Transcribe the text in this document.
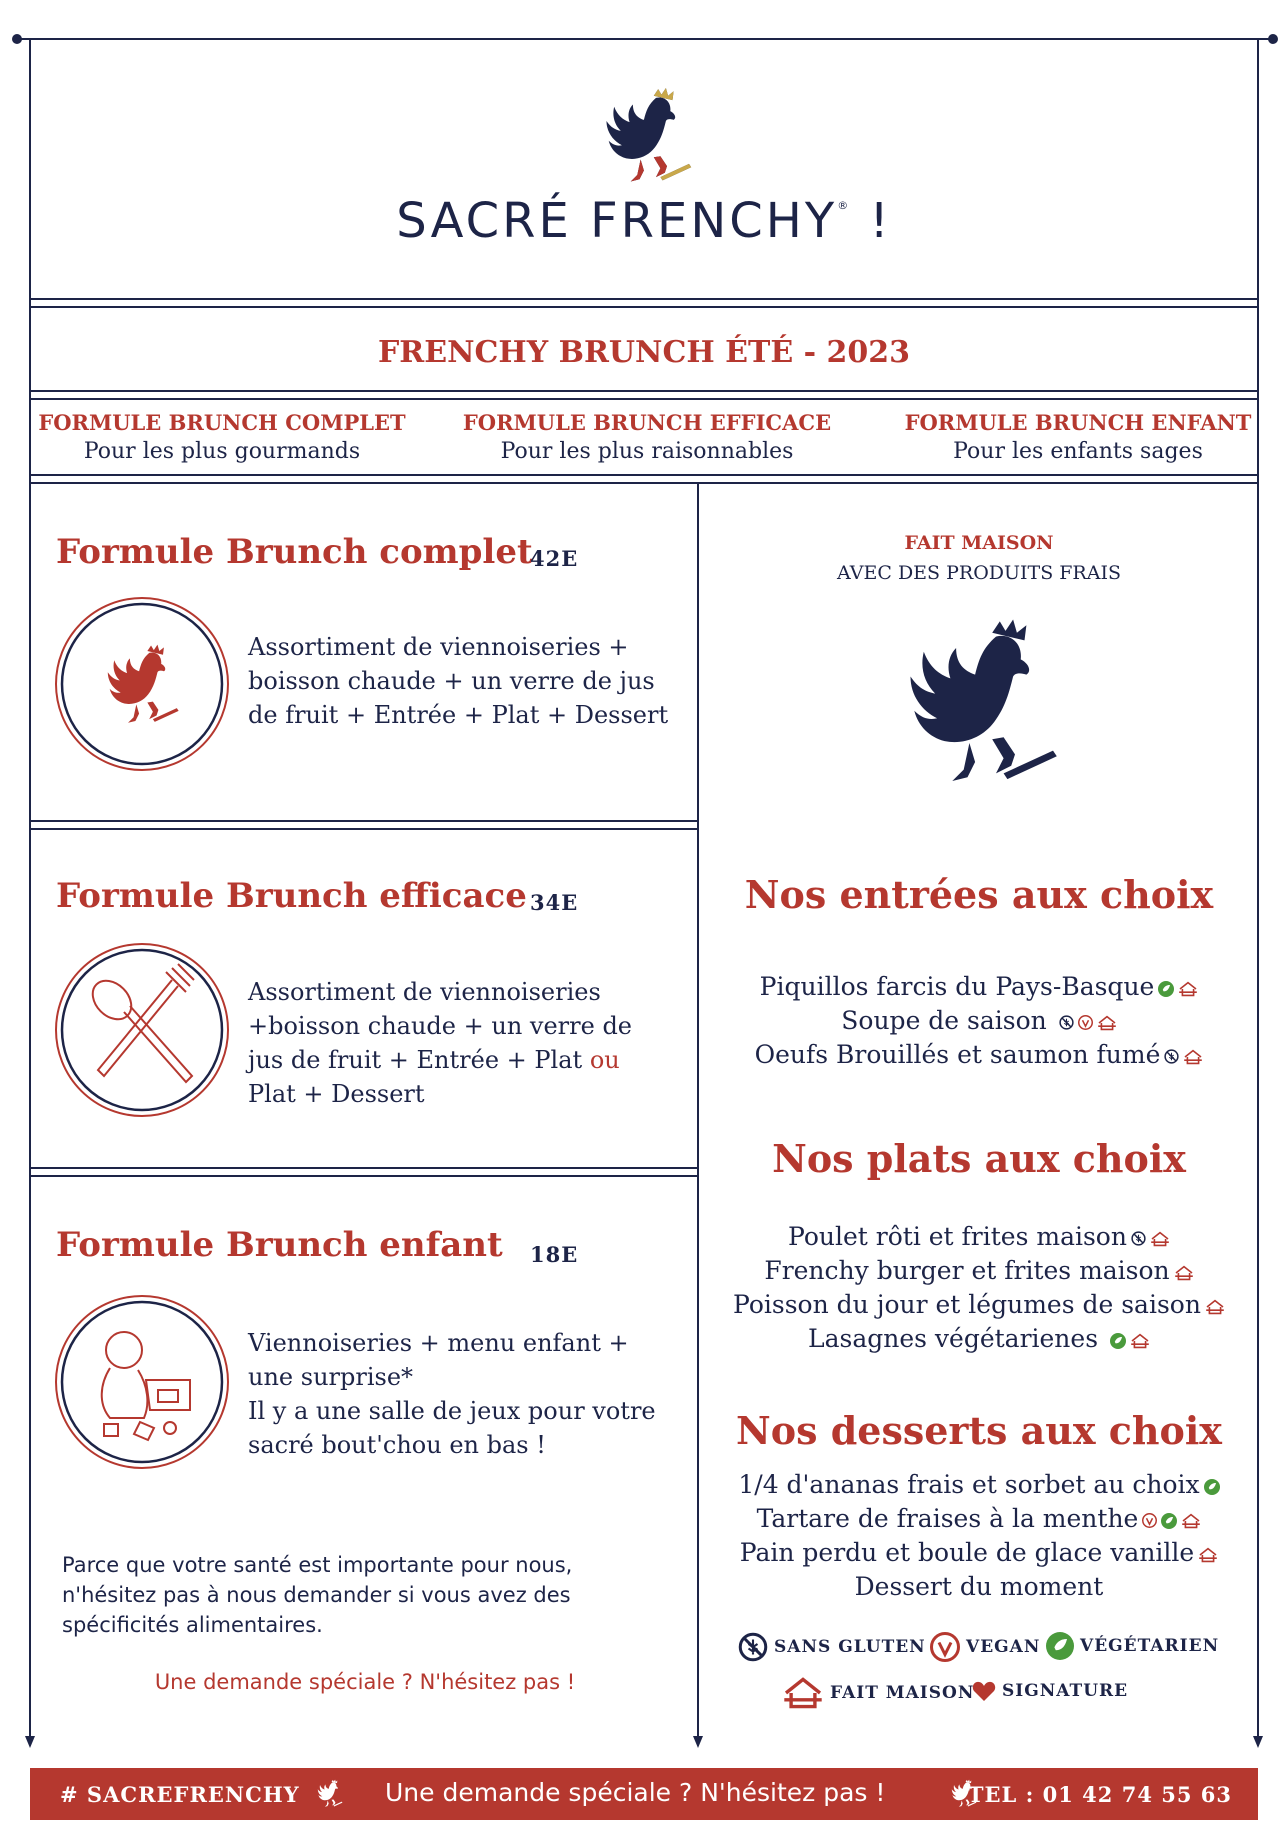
SACRÉ FRENCHY® !
FRENCHY BRUNCH ÉTÉ - 2023
FORMULE BRUNCH COMPLET
Pour les plus gourmands
FORMULE BRUNCH EFFICACE
Pour les plus raisonnables
FORMULE BRUNCH ENFANT
Pour les enfants sages
Formule Brunch complet
42E
Assortiment de viennoiseries +
boisson chaude + un verre de jus
de fruit + Entrée + Plat + Dessert
Formule Brunch efficace 34E
Assortiment de viennoiseries
+boisson chaude + un verre de
jus de fruit + Entrée + Plat ou
Plat + Dessert
Formule Brunch enfant 18E
Viennoiseries + menu enfant +
une surprise*
Il y a une salle de jeux pour votre
sacré bout'chou en bas !
Parce que votre santé est importante pour nous,
n'hésitez pas à nous demander si vous avez des
spécificités alimentaires.
Une demande spéciale ? N'hésitez pas !
FAIT MAISON
AVEC DES PRODUITS FRAIS
Nos entrées aux choix
Piquillos farcis du Pays-Basque
Soupe de saison
Oeufs Brouillés et saumon fumé
Nos plats aux choix
Poulet rôti et frites maison
Frenchy burger et frites maison
Poisson du jour et légumes de saison
Lasagnes végétarienes
Nos desserts aux choix
1/4 d'ananas frais et sorbet au choix
Tartare de fraises à la menthe
Pain perdu et boule de glace vanille
Dessert du moment
SANS GLUTEN VEGAN VÉGÉTARIEN
FAIT MAISON SIGNATURE
# SACREFRENCHY	Une demande spéciale ? N'hésitez pas !	TEL : 01 42 74 55 63
